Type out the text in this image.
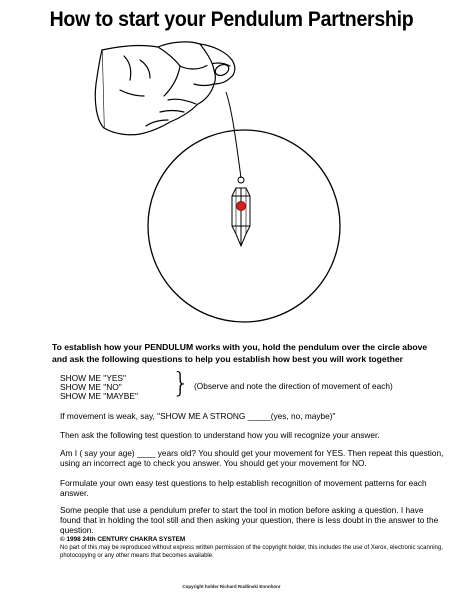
How to start your Pendulum Partnership
To establish how your PENDULUM works with you, hold the pendulum over the circle above
and ask the following questions to help you establish how best you will work together
SHOW ME "YES"
SHOW ME "NO"
SHOW ME "MAYBE" } (Observe and note the direction of movement of each)
If movement is weak, say, "SHOW ME A STRONG _____(yes, no, maybe)"
Then ask the following test question to understand how you will recognize your answer.
Am I ( say your age) ____ years old? You should get your movement for YES. Then repeat this question, using an incorrect age to check you answer. You should get your movement for NO.
Formulate your own easy test questions to help establish recognition of movement patterns for each answer.
Some people that use a pendulum prefer to start the tool in motion before asking a question. I have found that in holding the tool still and then asking your question, there is less doubt in the answer to the question.
© 1998 24th CENTURY CHAKRA SYSTEM
No part of this may be reproduced without express written permission of the copyright holder, this includes the use of Xerox, electronic scanning, photocopying or any other means that becomes available.
Copyright holder Richard Rudlinski Ennnhonr
